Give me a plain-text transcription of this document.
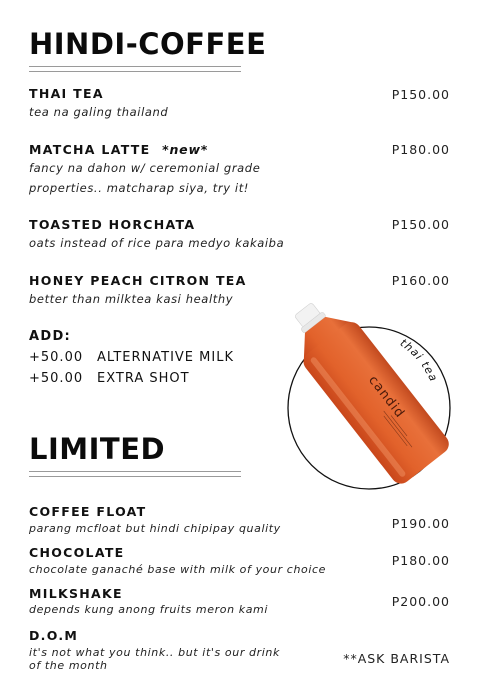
HINDI-COFFEE
THAI TEA
tea na galing thailand
P150.00
MATCHA LATTE *new*
fancy na dahon w/ ceremonial grade
properties.. matcharap siya, try it!
P180.00
TOASTED HORCHATA
oats instead of rice para medyo kakaiba
P150.00
HONEY PEACH CITRON TEA
better than milktea kasi healthy
P160.00
ADD:
+50.00 ALTERNATIVE MILK
+50.00 EXTRA SHOT
thai tea
candid
LIMITED
COFFEE FLOAT
parang mcfloat but hindi chipipay quality	P190.00
CHOCOLATE
chocolate ganaché base with milk of your choice
P180.00
MILKSHAKE
depends kung anong fruits meron kami
P200.00
D.O.M
it's not what you think.. but it's our drink
of the month	**ASK BARISTA
